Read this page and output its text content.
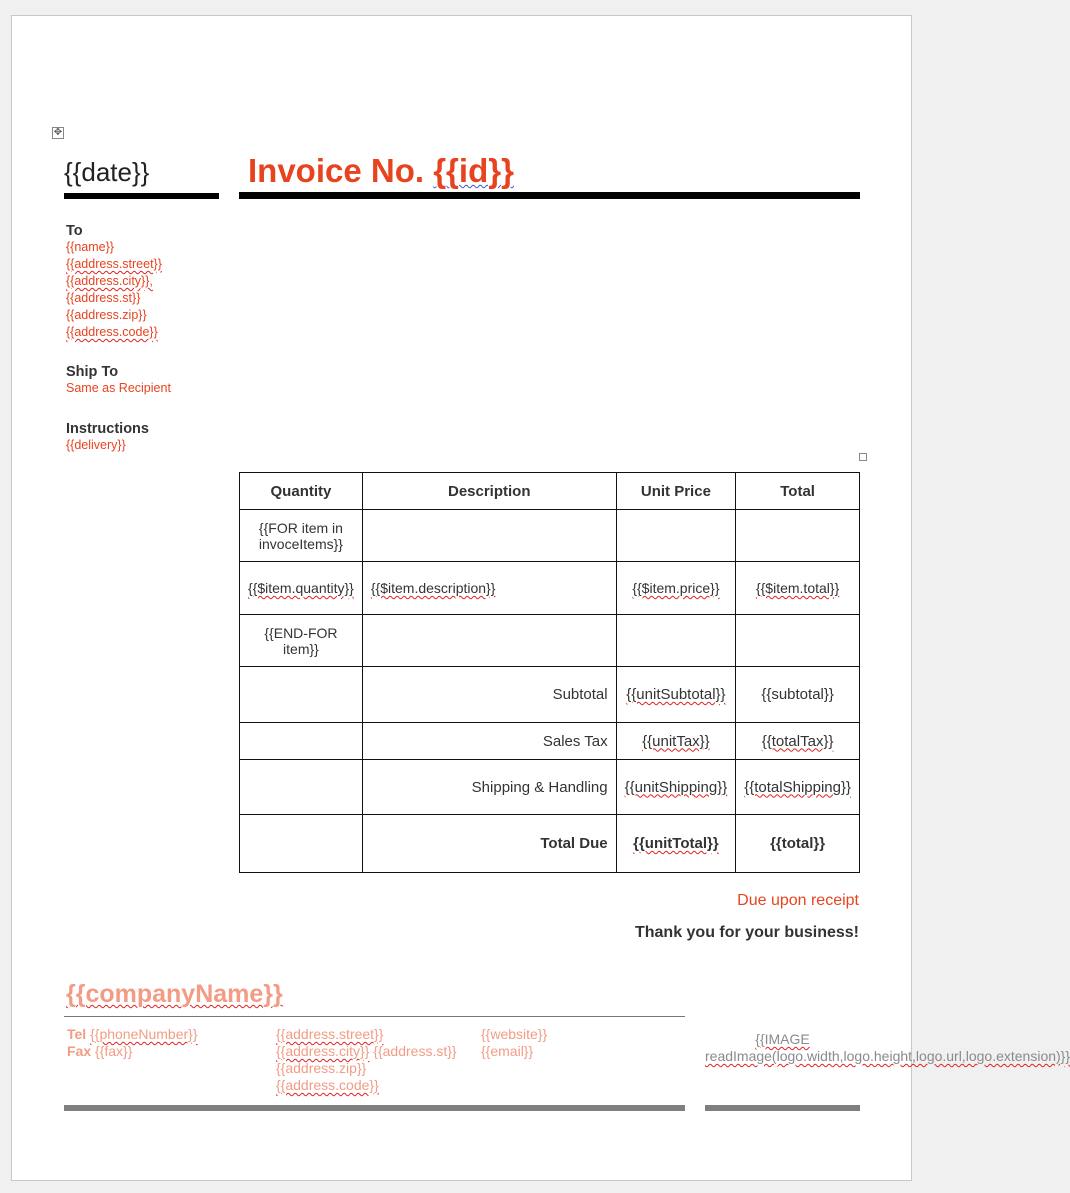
✥
{{date}}	Invoice No. {{id}}
To
{{name}}
{{address.street}}
{{address.city}},
{{address.st}}
{{address.zip}}
{{address.code}}
Ship To
Same as Recipient
Instructions
{{delivery}}
Quantity	Description	Unit Price	Total
{{FOR item in invoceItems}}			
{{$item.quantity}}	{{$item.description}}	{{$item.price}}	{{$item.total}}
{{END-FOR item}}			
	Subtotal	{{unitSubtotal}}	{{subtotal}}
	Sales Tax	{{unitTax}}	{{totalTax}}
	Shipping & Handling	{{unitShipping}}	{{totalShipping}}
	Total Due	{{unitTotal}}	{{total}}
Due upon receipt
Thank you for your business!
{{companyName}}
Tel {{phoneNumber}}
Fax {{fax}}
{{address.street}}
{{address.city}} {{address.st}}
{{address.zip}}
{{address.code}}
{{website}}
{{email}}
{{IMAGE readImage(logo.width,logo.height,logo.url,logo.extension)}}
